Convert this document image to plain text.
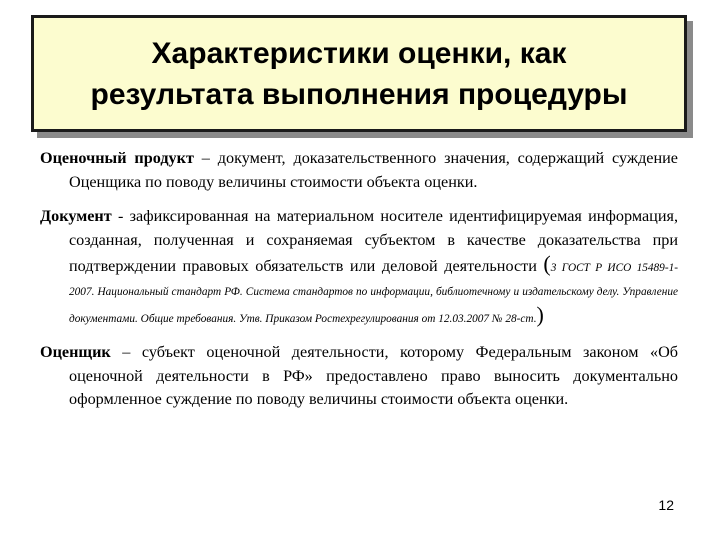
Характеристики оценки, как
результата выполнения процедуры

Оценочный продукт – документ, доказательственного значения, содержащий суждение Оценщика по поводу величины стоимости объекта оценки.

Документ - зафиксированная на материальном носителе идентифицируемая информация, созданная, полученная и сохраняемая субъектом в качестве доказательства при подтверждении правовых обязательств или деловой деятельности (3 ГОСТ Р ИСО 15489-1-2007. Национальный стандарт РФ. Система стандартов по информации, библиотечному и издательскому делу. Управление документами. Общие требования. Утв. Приказом Ростехрегулирования от 12.03.2007 № 28-ст.)

Оценщик – субъект оценочной деятельности, которому Федеральным законом «Об оценочной деятельности в РФ» предоставлено право выносить документально оформленное суждение по поводу величины стоимости объекта оценки.

12
